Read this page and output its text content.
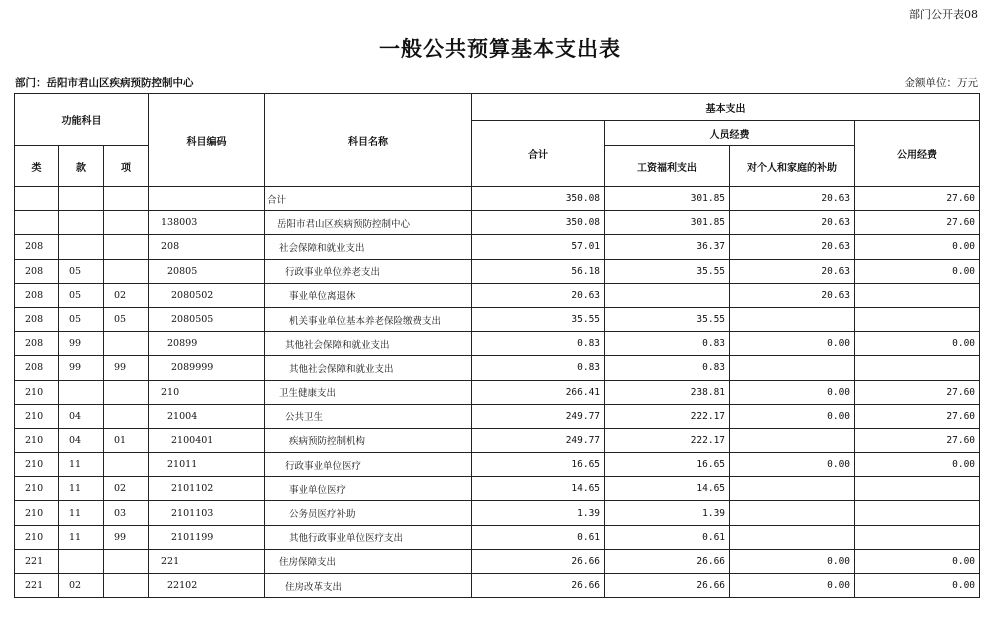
部门公开表08
一般公共预算基本支出表
部门：岳阳市君山区疾病预防控制中心	金额单位：万元
功能科目			科目编码	科目名称	基本支出			
					合计	人员经费		公用经费
类	款	项				工资福利支出	对个人和家庭的补助	
				合计	350.08	301.85	20.63	27.60
			138003	岳阳市君山区疾病预防控制中心	350.08	301.85	20.63	27.60
208			208	社会保障和就业支出	57.01	36.37	20.63	0.00
208	05		20805	行政事业单位养老支出	56.18	35.55	20.63	0.00
208	05	02	2080502	事业单位离退休	20.63		20.63	
208	05	05	2080505	机关事业单位基本养老保险缴费支出	35.55	35.55		
208	99		20899	其他社会保障和就业支出	0.83	0.83	0.00	0.00
208	99	99	2089999	其他社会保障和就业支出	0.83	0.83		
210			210	卫生健康支出	266.41	238.81	0.00	27.60
210	04		21004	公共卫生	249.77	222.17	0.00	27.60
210	04	01	2100401	疾病预防控制机构	249.77	222.17		27.60
210	11		21011	行政事业单位医疗	16.65	16.65	0.00	0.00
210	11	02	2101102	事业单位医疗	14.65	14.65		
210	11	03	2101103	公务员医疗补助	1.39	1.39		
210	11	99	2101199	其他行政事业单位医疗支出	0.61	0.61		
221			221	住房保障支出	26.66	26.66	0.00	0.00
221	02		22102	住房改革支出	26.66	26.66	0.00	0.00
